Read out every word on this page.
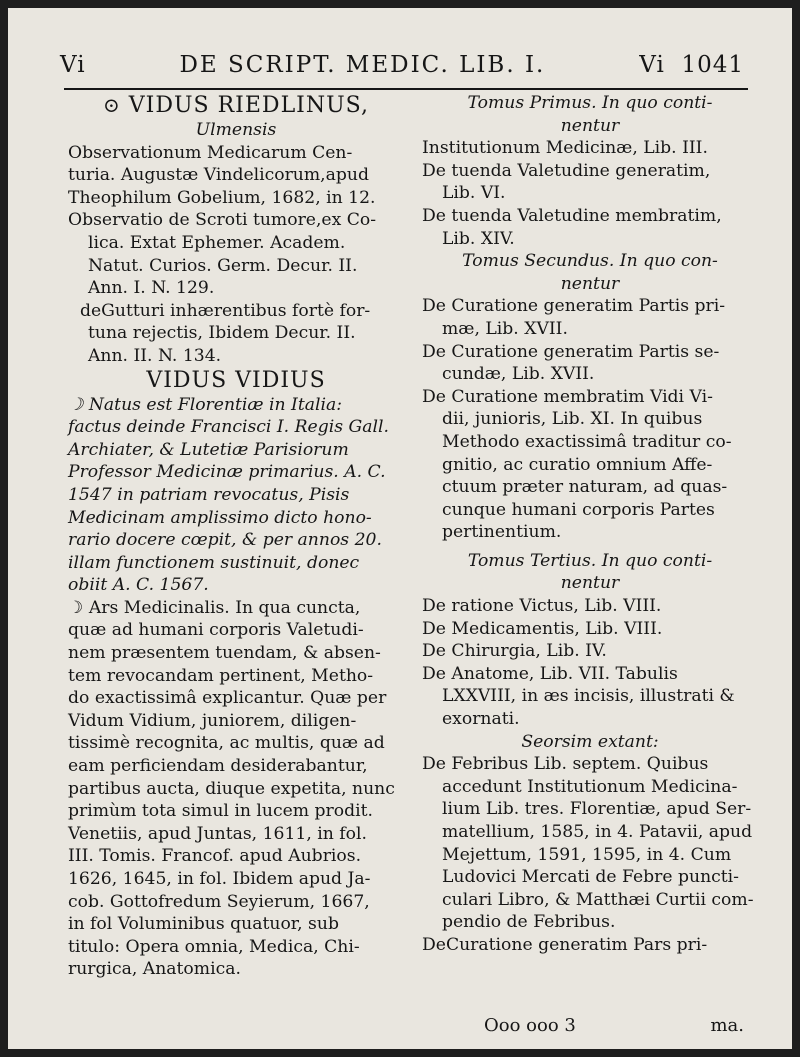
Vi	DE SCRIPT. MEDIC. LIB. I.	Vi 1041
⊙ VIDUS RIEDLINUS,
Ulmensis
Observationum Medicarum Cen-
turia. Augustæ Vindelicorum,apud
Theophilum Gobelium, 1682, in 12.
Observatio de Scroti tumore,ex Co-
lica. Extat Ephemer. Academ.
Natut. Curios. Germ. Decur. II.
Ann. I. N. 129.
deGutturi inhærentibus fortè for-
tuna rejectis, Ibidem Decur. II.
Ann. II. N. 134.
VIDUS VIDIUS
☽ Natus est Florentiæ in Italia:
factus deinde Francisci I. Regis Gall.
Archiater, & Lutetiæ Parisiorum
Professor Medicinæ primarius. A. C.
1547 in patriam revocatus, Pisis
Medicinam amplissimo dicto hono-
rario docere cœpit, & per annos 20.
illam functionem sustinuit, donec
obiit A. C. 1567.
☽ Ars Medicinalis. In qua cuncta,
quæ ad humani corporis Valetudi-
nem præsentem tuendam, & absen-
tem revocandam pertinent, Metho-
do exactissimâ explicantur. Quæ per
Vidum Vidium, juniorem, diligen-
tissimè recognita, ac multis, quæ ad
eam perficiendam desiderabantur,
partibus aucta, diuque expetita, nunc
primùm tota simul in lucem prodit.
Venetiis, apud Juntas, 1611, in fol.
III. Tomis. Francof. apud Aubrios.
1626, 1645, in fol. Ibidem apud Ja-
cob. Gottofredum Seyierum, 1667,
in fol Voluminibus quatuor, sub
titulo: Opera omnia, Medica, Chi-
rurgica, Anatomica.
Tomus Primus. In quo conti-
nentur
Institutionum Medicinæ, Lib. III.
De tuenda Valetudine generatim,
Lib. VI.
De tuenda Valetudine membratim,
Lib. XIV.
Tomus Secundus. In quo con-
nentur
De Curatione generatim Partis pri-
mæ, Lib. XVII.
De Curatione generatim Partis se-
cundæ, Lib. XVII.
De Curatione membratim Vidi Vi-
dii, junioris, Lib. XI. In quibus
Methodo exactissimâ traditur co-
gnitio, ac curatio omnium Affe-
ctuum præter naturam, ad quas-
cunque humani corporis Partes
pertinentium.
Tomus Tertius. In quo conti-
nentur
De ratione Victus, Lib. VIII.
De Medicamentis, Lib. VIII.
De Chirurgia, Lib. IV.
De Anatome, Lib. VII. Tabulis
LXXVIII, in æs incisis, illustrati &
exornati.
Seorsim extant:
De Febribus Lib. septem. Quibus
accedunt Institutionum Medicina-
lium Lib. tres. Florentiæ, apud Ser-
matellium, 1585, in 4. Patavii, apud
Mejettum, 1591, 1595, in 4. Cum
Ludovici Mercati de Febre puncti-
culari Libro, & Matthæi Curtii com-
pendio de Febribus.
DeCuratione generatim Pars pri-
Ooo ooo 3	ma.
